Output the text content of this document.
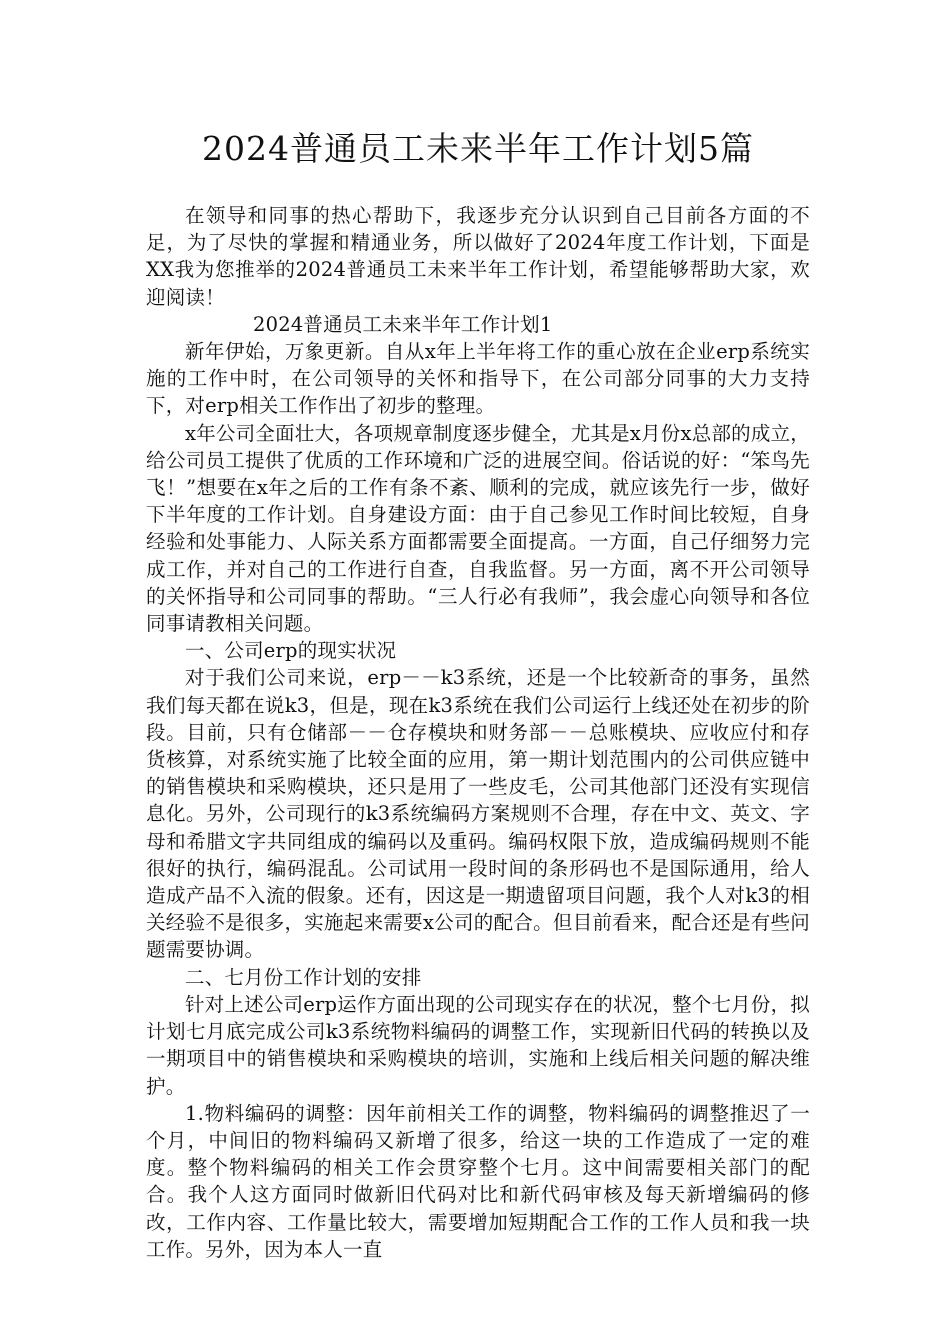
2024普通员工未来半年工作计划5篇

在领导和同事的热心帮助下，我逐步充分认识到自己目前各方面的不足，为了尽快的掌握和精通业务，所以做好了2024年度工作计划，下面是XX我为您推举的2024普通员工未来半年工作计划，希望能够帮助大家，欢迎阅读！

2024普通员工未来半年工作计划1

新年伊始，万象更新。自从x年上半年将工作的重心放在企业erp系统实施的工作中时，在公司领导的关怀和指导下，在公司部分同事的大力支持下，对erp相关工作作出了初步的整理。

x年公司全面壮大，各项规章制度逐步健全，尤其是x月份x总部的成立，给公司员工提供了优质的工作环境和广泛的进展空间。俗话说的好：“笨鸟先飞！”想要在x年之后的工作有条不紊、顺利的完成，就应该先行一步，做好下半年度的工作计划。自身建设方面：由于自己参见工作时间比较短，自身经验和处事能力、人际关系方面都需要全面提高。一方面，自己仔细努力完成工作，并对自己的工作进行自查，自我监督。另一方面，离不开公司领导的关怀指导和公司同事的帮助。“三人行必有我师”，我会虚心向领导和各位同事请教相关问题。

一、公司erp的现实状况

对于我们公司来说，erp－－k3系统，还是一个比较新奇的事务，虽然我们每天都在说k3，但是，现在k3系统在我们公司运行上线还处在初步的阶段。目前，只有仓储部－－仓存模块和财务部－－总账模块、应收应付和存货核算，对系统实施了比较全面的应用，第一期计划范围内的公司供应链中的销售模块和采购模块，还只是用了一些皮毛，公司其他部门还没有实现信息化。另外，公司现行的k3系统编码方案规则不合理，存在中文、英文、字母和希腊文字共同组成的编码以及重码。编码权限下放，造成编码规则不能很好的执行，编码混乱。公司试用一段时间的条形码也不是国际通用，给人造成产品不入流的假象。还有，因这是一期遗留项目问题，我个人对k3的相关经验不是很多，实施起来需要x公司的配合。但目前看来，配合还是有些问题需要协调。

二、七月份工作计划的安排

针对上述公司erp运作方面出现的公司现实存在的状况，整个七月份，拟计划七月底完成公司k3系统物料编码的调整工作，实现新旧代码的转换以及一期项目中的销售模块和采购模块的培训，实施和上线后相关问题的解决维护。

1.物料编码的调整：因年前相关工作的调整，物料编码的调整推迟了一个月，中间旧的物料编码又新增了很多，给这一块的工作造成了一定的难度。整个物料编码的相关工作会贯穿整个七月。这中间需要相关部门的配合。我个人这方面同时做新旧代码对比和新代码审核及每天新增编码的修改，工作内容、工作量比较大，需要增加短期配合工作的工作人员和我一块工作。另外，因为本人一直
